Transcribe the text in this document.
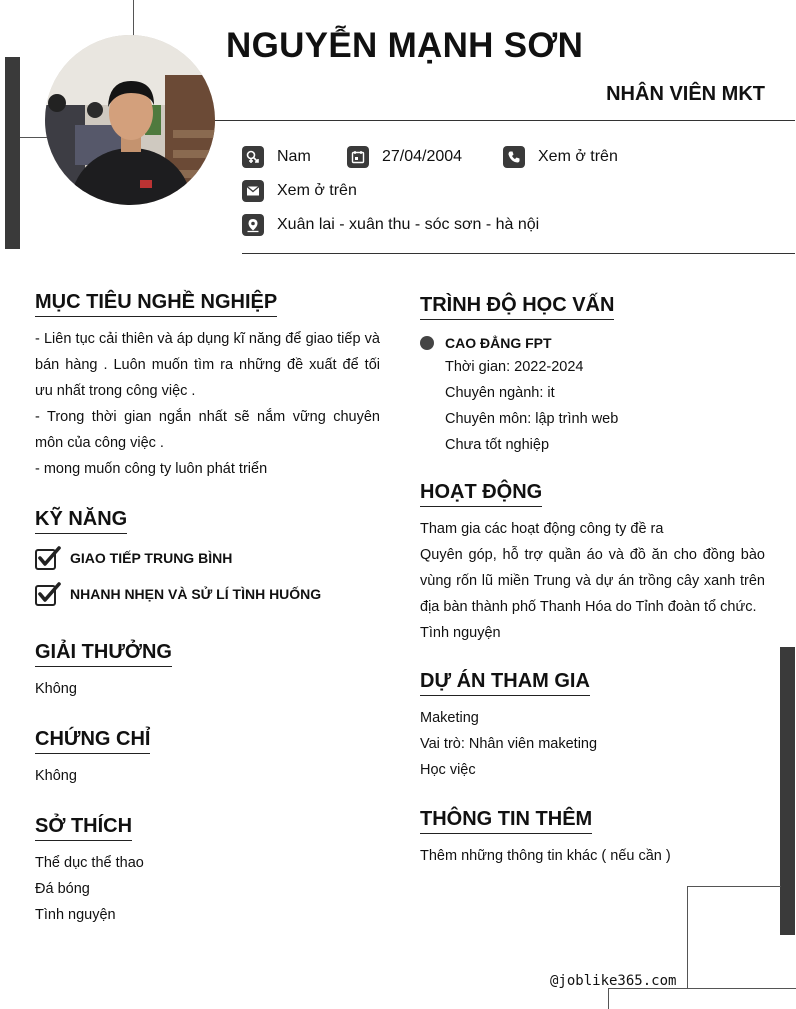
NGUYỄN MẠNH SƠN
NHÂN VIÊN MKT
Nam	27/04/2004	Xem ở trên
Xem ở trên
Xuân lai - xuân thu - sóc sơn - hà nội
MỤC TIÊU NGHỀ NGHIỆP
- Liên tục cải thiên và áp dụng kĩ năng để giao tiếp và bán hàng . Luôn muốn tìm ra những đề xuất để tối ưu nhất trong công việc .
- Trong thời gian ngắn nhất sẽ nắm vững chuyên môn của công việc .
- mong muốn công ty luôn phát triển
KỸ NĂNG
GIAO TIẾP TRUNG BÌNH
NHANH NHẸN VÀ SỬ LÍ TÌNH HUỐNG
GIẢI THƯỞNG
Không
CHỨNG CHỈ
Không
SỞ THÍCH
Thể dục thể thao
Đá bóng
Tình nguyện
TRÌNH ĐỘ HỌC VẤN
CAO ĐẲNG FPT
Thời gian: 2022-2024
Chuyên ngành: it
Chuyên môn: lập trình web
Chưa tốt nghiệp
HOẠT ĐỘNG
Tham gia các hoạt động công ty đề ra
Quyên góp, hỗ trợ quần áo và đồ ăn cho đồng bào vùng rốn lũ miền Trung và dự án trồng cây xanh trên địa bàn thành phố Thanh Hóa do Tỉnh đoàn tổ chức.
Tình nguyện
DỰ ÁN THAM GIA
Maketing
Vai trò: Nhân viên maketing
Học việc
THÔNG TIN THÊM
Thêm những thông tin khác ( nếu cần )
@joblike365.com
